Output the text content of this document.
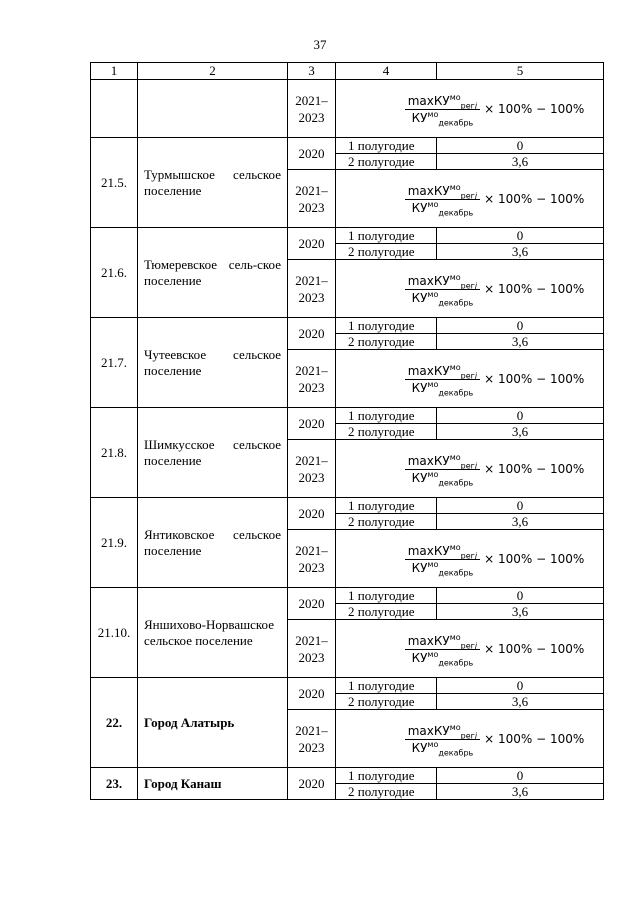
37
1	2	3	4	5
		2021–2023	$\frac{\max КУ^{мо}_{регj}}{КУ^{мо}_{декабрь}} \times 100\% - 100\%$	

21.5.	Турмышское сельское поселение	2020	1 полугодие	0
			2 полугодие	3,6
		2021–2023	$\frac{\max КУ^{мо}_{регj}}{КУ^{мо}_{декабрь}} \times 100\% - 100\%$	

21.6.	Тюмеревское сель-ское поселение	2020	1 полугодие	0
			2 полугодие	3,6
		2021–2023	$\frac{\max КУ^{мо}_{регj}}{КУ^{мо}_{декабрь}} \times 100\% - 100\%$	

21.7.	Чутеевское сельское поселение	2020	1 полугодие	0
			2 полугодие	3,6
		2021–2023	$\frac{\max КУ^{мо}_{регj}}{КУ^{мо}_{декабрь}} \times 100\% - 100\%$	

21.8.	Шимкусское сельское поселение	2020	1 полугодие	0
			2 полугодие	3,6
		2021–2023	$\frac{\max КУ^{мо}_{регj}}{КУ^{мо}_{декабрь}} \times 100\% - 100\%$	

21.9.	Янтиковское сельское поселение	2020	1 полугодие	0
			2 полугодие	3,6
		2021–2023	$\frac{\max КУ^{мо}_{регj}}{КУ^{мо}_{декабрь}} \times 100\% - 100\%$	

21.10.	Яншихово-Норвашское сельское поселение	2020	1 полугодие	0
			2 полугодие	3,6
		2021–2023	$\frac{\max КУ^{мо}_{регj}}{КУ^{мо}_{декабрь}} \times 100\% - 100\%$	

22.	Город Алатырь	2020	1 полугодие	0
			2 полугодие	3,6
		2021–2023	$\frac{\max КУ^{мо}_{регj}}{КУ^{мо}_{декабрь}} \times 100\% - 100\%$	

23.	Город Канаш	2020	1 полугодие	0
			2 полугодие	3,6
